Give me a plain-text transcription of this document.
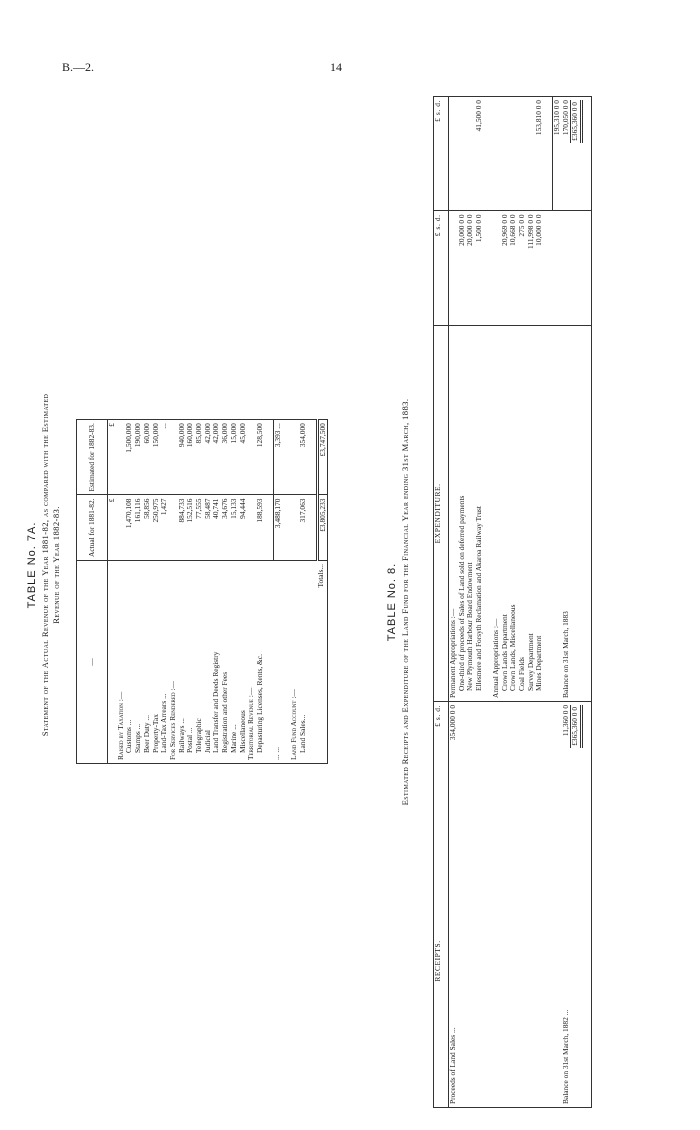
B.—2.	14
TABLE No. 7A. Statement of the Actual Revenue of the Year 1881-82, as compared with the Estimated Revenue of the Year 1882-83.
—	Actual for 1881-82.	Estimated for 1882-83.
	£	£
Raised by Taxation :—		
Customs ...	1,470,108	1,500,000
Stamps ...	161,116	190,000
Beer Duty ...	58,856	60,000
Property-Tax	250,975	150,000
Land-Tax Arrears ...	1,427	...
For Services Rendered :—		
Railways ...	884,733	940,000
Postal ...	152,516	160,000
Telegraphic	77,555	85,000
Judicial	58,487	42,000
Land Transfer and Deeds Registry	40,741	42,000
Registration and other Fees	34,676	36,000
Marine ...	15,133	15,000
Miscellaneous	94,444	45,000
Territorial Revenue :—		
Depasturing Licenses, Rents, &c.	188,593	128,500

... ...	3,488,170	3,393 ...

Land Fund Account :—		
Land Sales...	317,063	354,000

Totals...	£3,805,233	£3,747,500
TABLE No. 8. Estimated Receipts and Expenditure of the Land Fund for the Financial Year ending 31st March, 1883.
RECEIPTS.	£ s. d.	EXPENDITURE.	£ s. d.	£ s. d.
Proceeds of Land Sales ...	354,000 0 0	Permanent Appropriations :—		
		One-third of proceeds of Sales of Land sold on deferred payments	20,000 0 0	
		New Plymouth Harbour Board Endowment	20,000 0 0	
		Ellesmere and Forsyth Reclamation and Akaroa Railway Trust	1,500 0 0	41,500 0 0

		Annual Appropriations :—		
		Crown Lands Department	20,969 0 0	
		Crown Lands, Miscellaneous	10,668 0 0	
		Coal Fields	275 0 0	
		Survey Department	111,998 0 0	
		Mines Department	10,000 0 0	153,810 0 0

				195,310 0 0
Balance on 31st March, 1882 ...	11,360 0 0	Balance on 31st March, 1883		170,050 0 0
	£365,360 0 0			£365,360 0 0
